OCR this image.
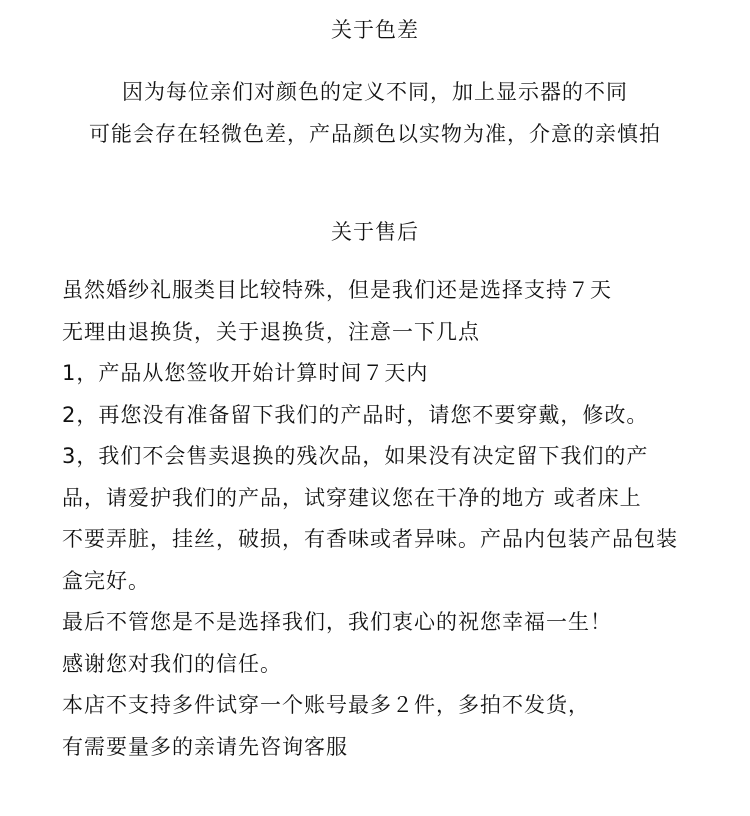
关于色差

因为每位亲们对颜色的定义不同，加上显示器的不同

可能会存在轻微色差，产品颜色以实物为准，介意的亲慎拍

关于售后

虽然婚纱礼服类目比较特殊，但是我们还是选择支持７天

无理由退换货，关于退换货，注意一下几点

1，产品从您签收开始计算时间７天内

2，再您没有准备留下我们的产品时，请您不要穿戴，修改。

3，我们不会售卖退换的残次品，如果没有决定留下我们的产

品，请爱护我们的产品，试穿建议您在干净的地方 或者床上

不要弄脏，挂丝，破损，有香味或者异味。产品内包装产品包装

盒完好。

最后不管您是不是选择我们，我们衷心的祝您幸福一生！

感谢您对我们的信任。

本店不支持多件试穿一个账号最多２件，多拍不发货，

有需要量多的亲请先咨询客服
